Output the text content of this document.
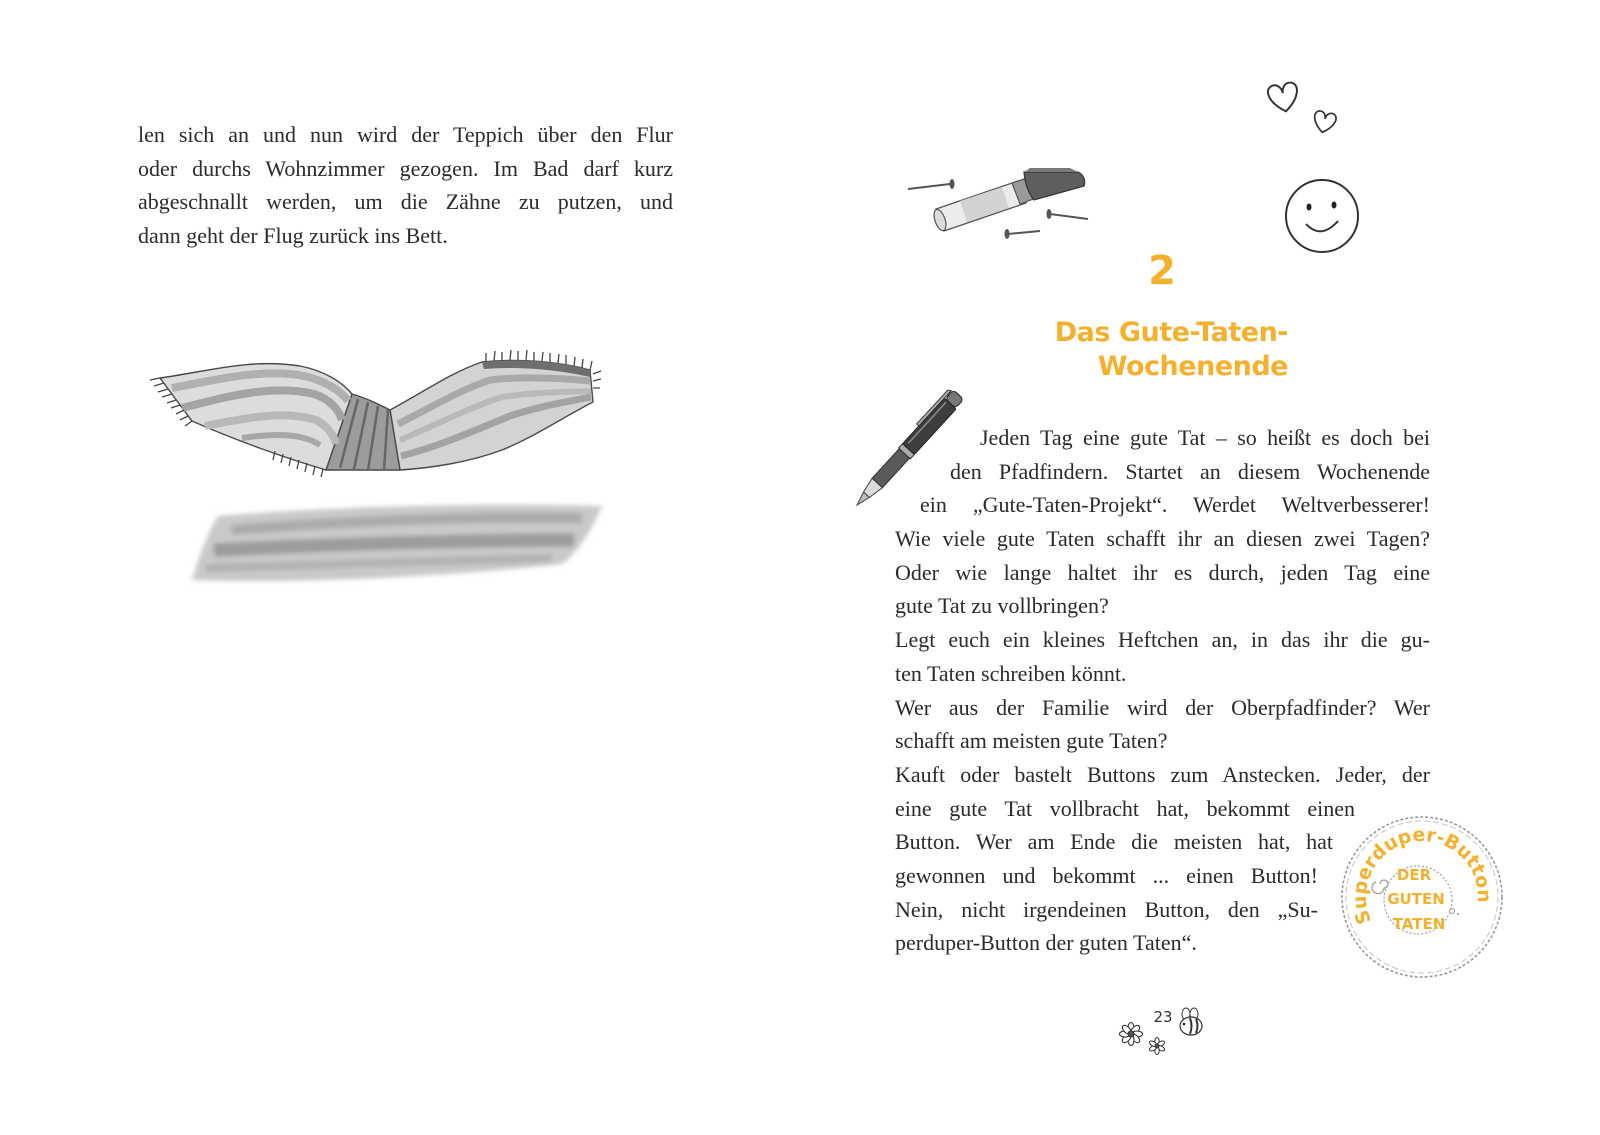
Superduper-Button
DER
GUTEN
TATEN
23
len sich an und nun wird der Teppich über den Flur
oder durchs Wohnzimmer gezogen. Im Bad darf kurz
abgeschnallt werden, um die Zähne zu putzen, und
dann geht der Flug zurück ins Bett.
2
Das Gute-Taten-
Wochenende
Jeden Tag eine gute Tat – so heißt es doch bei
den Pfadfindern. Startet an diesem Wochenende
ein „Gute-Taten-Projekt“. Werdet Weltverbesserer!
Wie viele gute Taten schafft ihr an diesen zwei Tagen?
Oder wie lange haltet ihr es durch, jeden Tag eine
gute Tat zu vollbringen?
Legt euch ein kleines Heftchen an, in das ihr die gu-
ten Taten schreiben könnt.
Wer aus der Familie wird der Oberpfadfinder? Wer
schafft am meisten gute Taten?
Kauft oder bastelt Buttons zum Anstecken. Jeder, der
eine gute Tat vollbracht hat, bekommt einen
Button. Wer am Ende die meisten hat, hat
gewonnen und bekommt ... einen Button!
Nein, nicht irgendeinen Button, den „Su-
perduper-Button der guten Taten“.
